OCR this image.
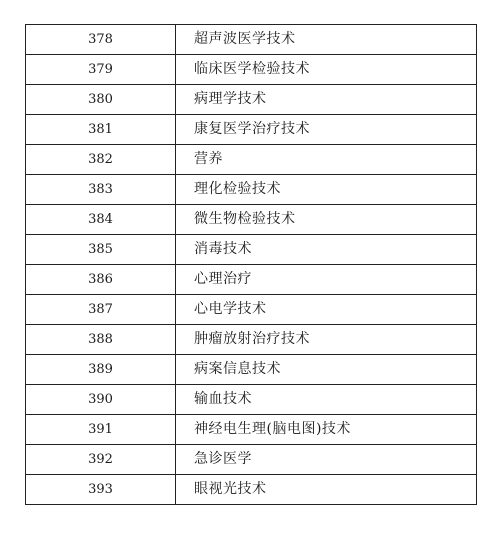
378	超声波医学技术
379	临床医学检验技术
380	病理学技术
381	康复医学治疗技术
382	营养
383	理化检验技术
384	微生物检验技术
385	消毒技术
386	心理治疗
387	心电学技术
388	肿瘤放射治疗技术
389	病案信息技术
390	输血技术
391	神经电生理(脑电图)技术
392	急诊医学
393	眼视光技术
